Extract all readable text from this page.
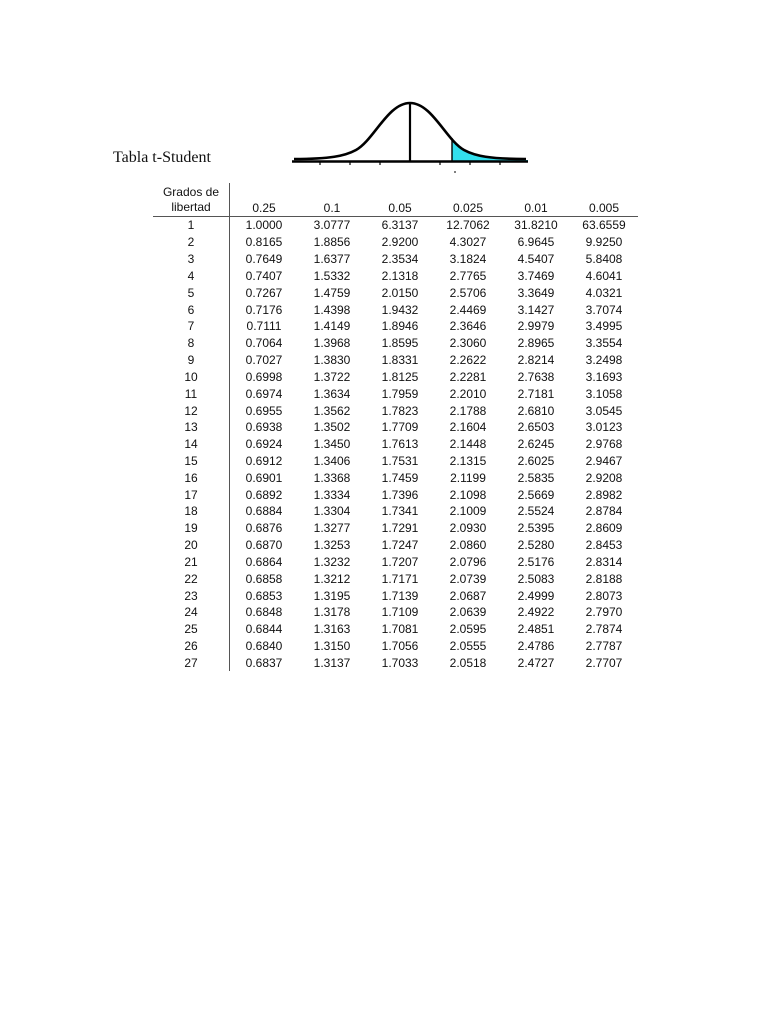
Tabla t-Student
Grados de
libertad	0.25	0.1	0.05	0.025	0.01	0.005
1	1.0000	3.0777	6.3137	12.7062	31.8210	63.6559
2	0.8165	1.8856	2.9200	4.3027	6.9645	9.9250
3	0.7649	1.6377	2.3534	3.1824	4.5407	5.8408
4	0.7407	1.5332	2.1318	2.7765	3.7469	4.6041
5	0.7267	1.4759	2.0150	2.5706	3.3649	4.0321
6	0.7176	1.4398	1.9432	2.4469	3.1427	3.7074
7	0.7111	1.4149	1.8946	2.3646	2.9979	3.4995
8	0.7064	1.3968	1.8595	2.3060	2.8965	3.3554
9	0.7027	1.3830	1.8331	2.2622	2.8214	3.2498
10	0.6998	1.3722	1.8125	2.2281	2.7638	3.1693
11	0.6974	1.3634	1.7959	2.2010	2.7181	3.1058
12	0.6955	1.3562	1.7823	2.1788	2.6810	3.0545
13	0.6938	1.3502	1.7709	2.1604	2.6503	3.0123
14	0.6924	1.3450	1.7613	2.1448	2.6245	2.9768
15	0.6912	1.3406	1.7531	2.1315	2.6025	2.9467
16	0.6901	1.3368	1.7459	2.1199	2.5835	2.9208
17	0.6892	1.3334	1.7396	2.1098	2.5669	2.8982
18	0.6884	1.3304	1.7341	2.1009	2.5524	2.8784
19	0.6876	1.3277	1.7291	2.0930	2.5395	2.8609
20	0.6870	1.3253	1.7247	2.0860	2.5280	2.8453
21	0.6864	1.3232	1.7207	2.0796	2.5176	2.8314
22	0.6858	1.3212	1.7171	2.0739	2.5083	2.8188
23	0.6853	1.3195	1.7139	2.0687	2.4999	2.8073
24	0.6848	1.3178	1.7109	2.0639	2.4922	2.7970
25	0.6844	1.3163	1.7081	2.0595	2.4851	2.7874
26	0.6840	1.3150	1.7056	2.0555	2.4786	2.7787
27	0.6837	1.3137	1.7033	2.0518	2.4727	2.7707
